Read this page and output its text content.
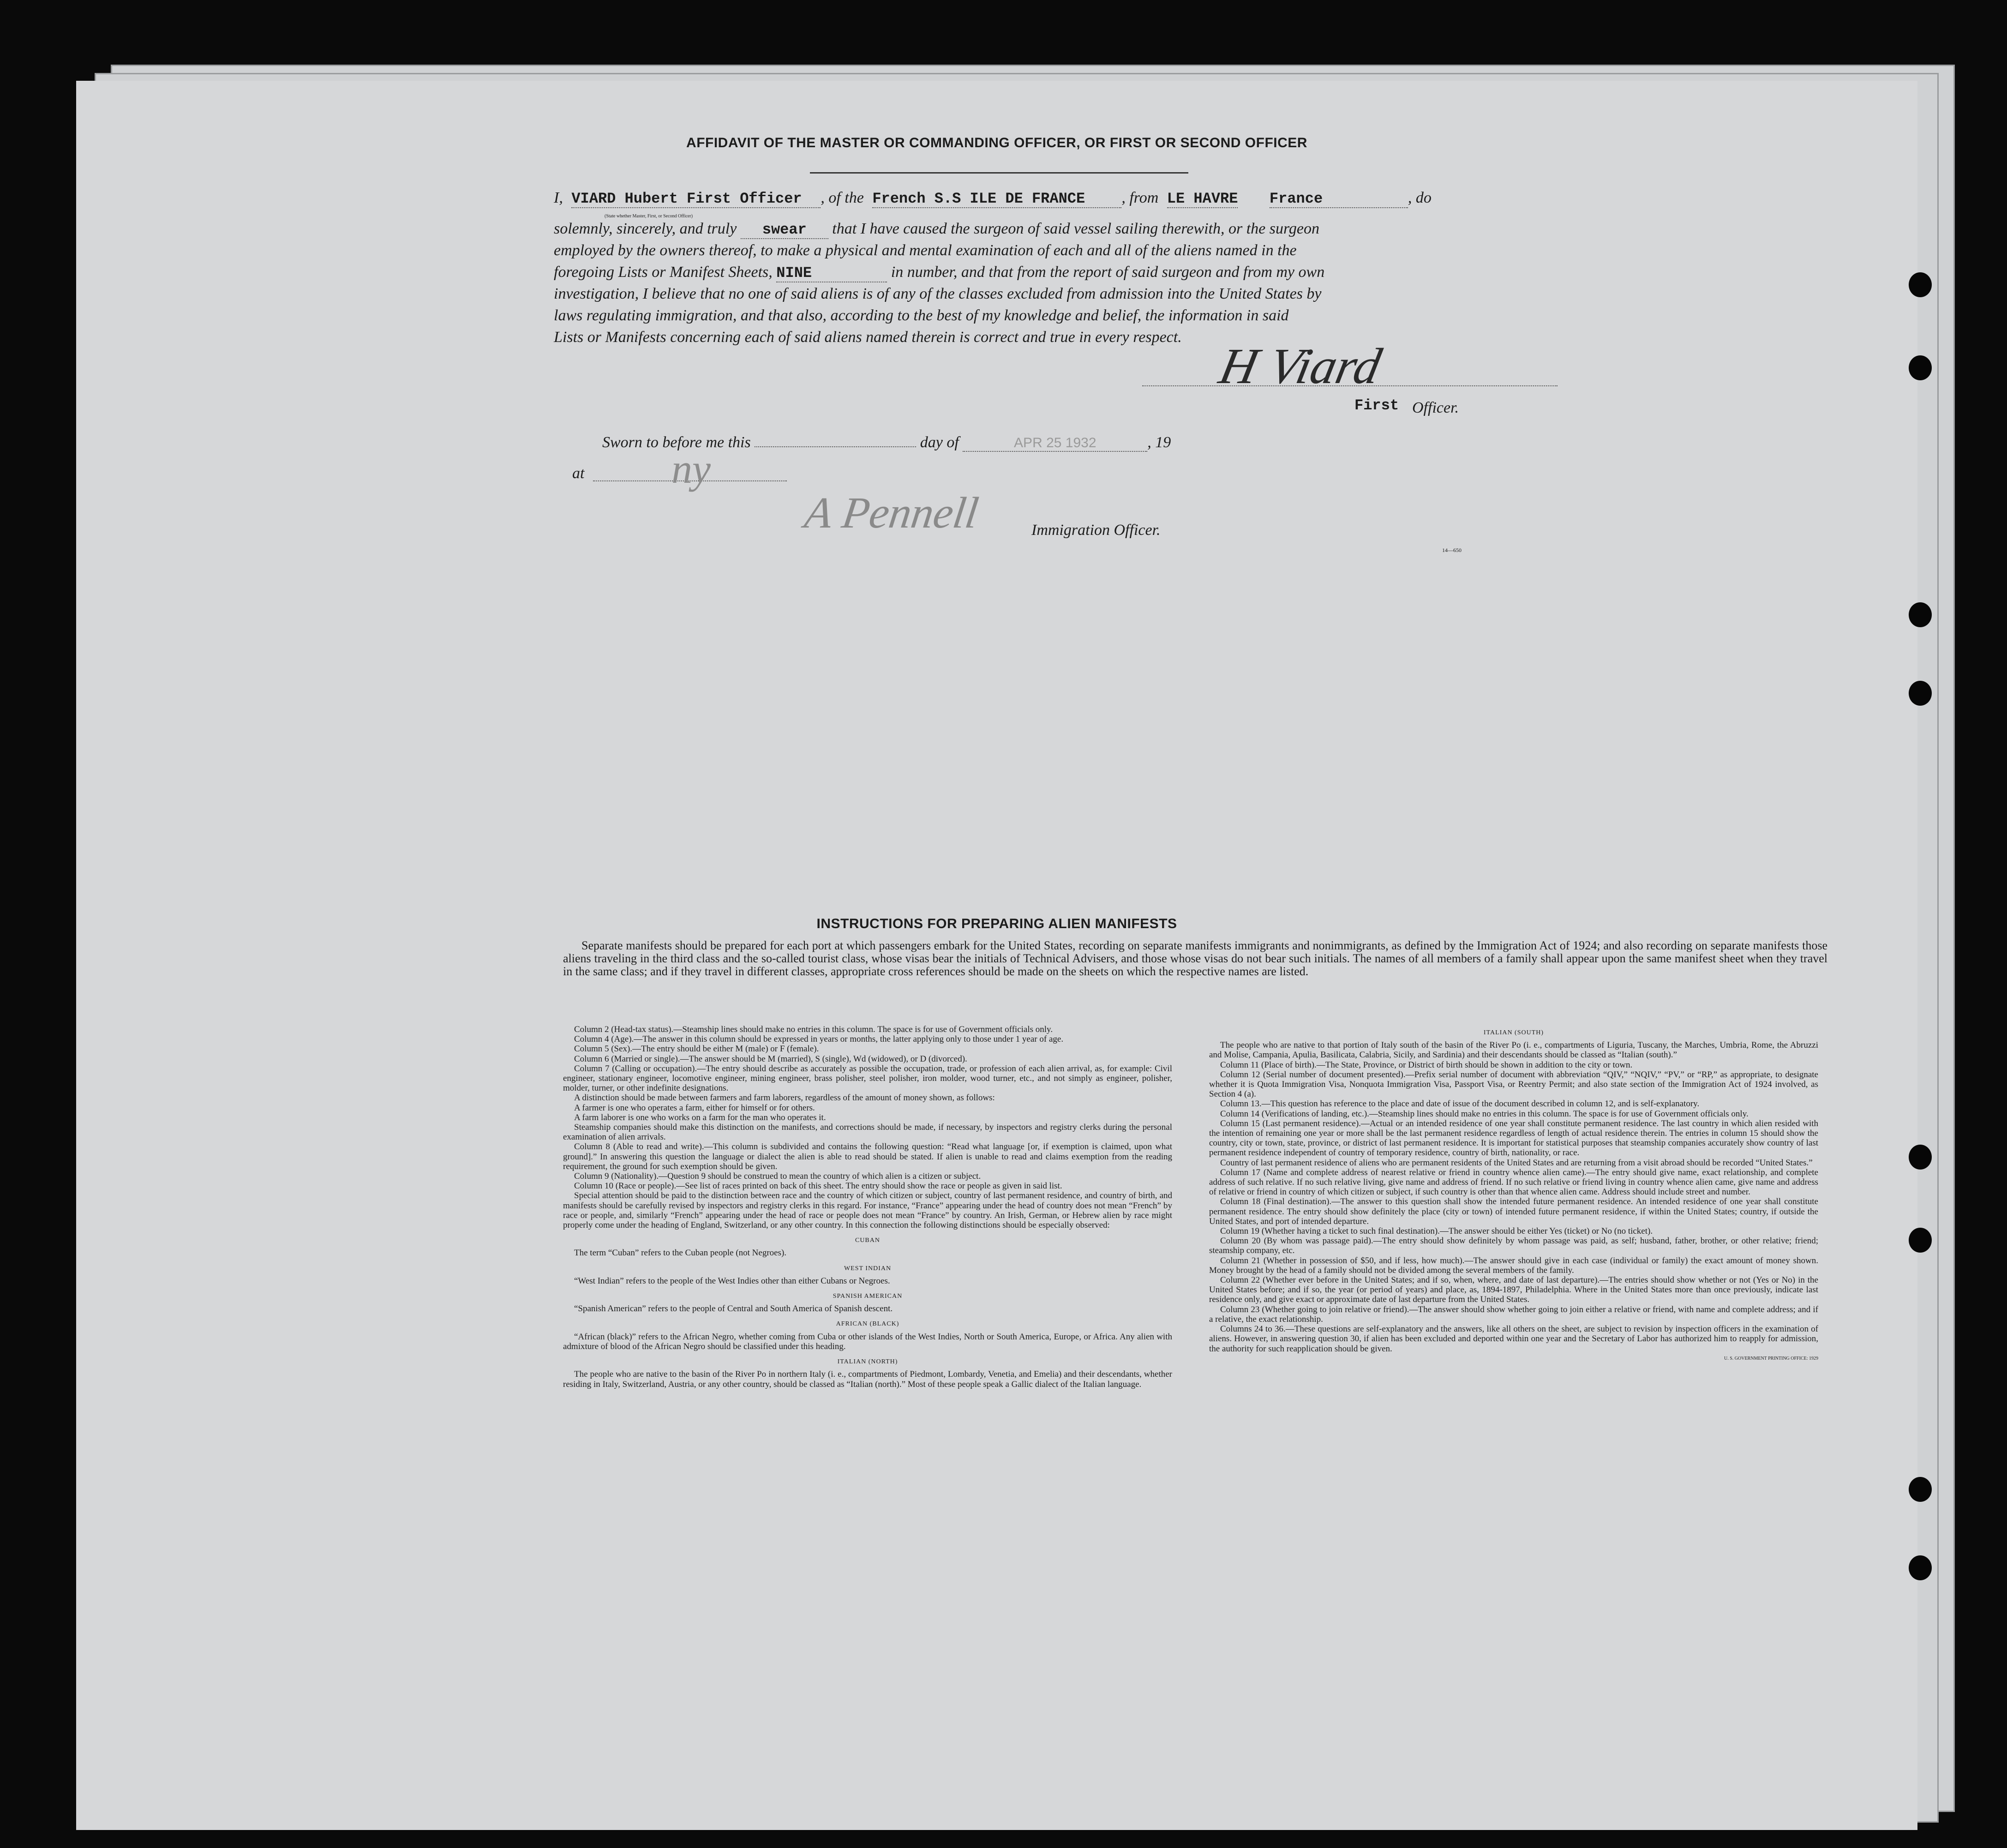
AFFIDAVIT OF THE MASTER OR COMMANDING OFFICER, OR FIRST OR SECOND OFFICER
I, VIARD Hubert First Officer , of the French S.S ILE DE FRANCE , from LE HAVRE France	, do
(State whether Master, First, or Second Officer)
solemnly, sincerely, and truly swear that I have caused the surgeon of said vessel sailing therewith, or the surgeon
employed by the owners thereof, to make a physical and mental examination of each and all of the aliens named in the
foregoing Lists or Manifest Sheets, NINE	in number, and that from the report of said surgeon and from my own
investigation, I believe that no one of said aliens is of any of the classes excluded from admission into the United States by
laws regulating immigration, and that also, according to the best of my knowledge and belief, the information in said
Lists or Manifests concerning each of said aliens named therein is correct and true in every respect.
H Viard
First Officer.
Sworn to before me this	day of	APR 25 1932	, 19
at ny
A Pennell	Immigration Officer.
14—650
INSTRUCTIONS FOR PREPARING ALIEN MANIFESTS

Separate manifests should be prepared for each port at which passengers embark for the United States, recording on separate manifests immigrants and nonimmigrants, as defined by the Immigration Act of 1924; and also recording on separate manifests those aliens traveling in the third class and the so-called tourist class, whose visas bear the initials of Technical Advisers, and those whose visas do not bear such initials. The names of all members of a family shall appear upon the same manifest sheet when they travel in the same class; and if they travel in different classes, appropriate cross references should be made on the sheets on which the respective names are listed.

Column 2 (Head-tax status).—Steamship lines should make no entries in this column. The space is for use of Government officials only.

Column 4 (Age).—The answer in this column should be expressed in years or months, the latter applying only to those under 1 year of age.

Column 5 (Sex).—The entry should be either M (male) or F (female).

Column 6 (Married or single).—The answer should be M (married), S (single), Wd (widowed), or D (divorced).

Column 7 (Calling or occupation).—The entry should describe as accurately as possible the occupation, trade, or profession of each alien arrival, as, for example: Civil engineer, stationary engineer, locomotive engineer, mining engineer, brass polisher, steel polisher, iron molder, wood turner, etc., and not simply as engineer, polisher, molder, turner, or other indefinite designations.

A distinction should be made between farmers and farm laborers, regardless of the amount of money shown, as follows:

A farmer is one who operates a farm, either for himself or for others.

A farm laborer is one who works on a farm for the man who operates it.

Steamship companies should make this distinction on the manifests, and corrections should be made, if necessary, by inspectors and registry clerks during the personal examination of alien arrivals.

Column 8 (Able to read and write).—This column is subdivided and contains the following question: “Read what language [or, if exemption is claimed, upon what ground].” In answering this question the language or dialect the alien is able to read should be stated. If alien is unable to read and claims exemption from the reading requirement, the ground for such exemption should be given.

Column 9 (Nationality).—Question 9 should be construed to mean the country of which alien is a citizen or subject.

Column 10 (Race or people).—See list of races printed on back of this sheet. The entry should show the race or people as given in said list.

Special attention should be paid to the distinction between race and the country of which citizen or subject, country of last permanent residence, and country of birth, and manifests should be carefully revised by inspectors and registry clerks in this regard. For instance, “France” appearing under the head of country does not mean “French” by race or people, and, similarly “French” appearing under the head of race or people does not mean “France” by country. An Irish, German, or Hebrew alien by race might properly come under the heading of England, Switzerland, or any other country. In this connection the following distinctions should be especially observed:

CUBAN

The term “Cuban” refers to the Cuban people (not Negroes).

WEST INDIAN

“West Indian” refers to the people of the West Indies other than either Cubans or Negroes.

SPANISH AMERICAN

“Spanish American” refers to the people of Central and South America of Spanish descent.

AFRICAN (BLACK)

“African (black)” refers to the African Negro, whether coming from Cuba or other islands of the West Indies, North or South America, Europe, or Africa. Any alien with admixture of blood of the African Negro should be classified under this heading.

ITALIAN (NORTH)

The people who are native to the basin of the River Po in northern Italy (i. e., compartments of Piedmont, Lombardy, Venetia, and Emelia) and their descendants, whether residing in Italy, Switzerland, Austria, or any other country, should be classed as “Italian (north).” Most of these people speak a Gallic dialect of the Italian language.

ITALIAN (SOUTH)

The people who are native to that portion of Italy south of the basin of the River Po (i. e., compartments of Liguria, Tuscany, the Marches, Umbria, Rome, the Abruzzi and Molise, Campania, Apulia, Basilicata, Calabria, Sicily, and Sardinia) and their descendants should be classed as “Italian (south).”

Column 11 (Place of birth).—The State, Province, or District of birth should be shown in addition to the city or town.

Column 12 (Serial number of document presented).—Prefix serial number of document with abbreviation “QIV,” “NQIV,” “PV,” or “RP,” as appropriate, to designate whether it is Quota Immigration Visa, Nonquota Immigration Visa, Passport Visa, or Reentry Permit; and also state section of the Immigration Act of 1924 involved, as Section 4 (a).

Column 13.—This question has reference to the place and date of issue of the document described in column 12, and is self-explanatory.

Column 14 (Verifications of landing, etc.).—Steamship lines should make no entries in this column. The space is for use of Government officials only.

Column 15 (Last permanent residence).—Actual or an intended residence of one year shall constitute permanent residence. The last country in which alien resided with the intention of remaining one year or more shall be the last permanent residence regardless of length of actual residence therein. The entries in column 15 should show the country, city or town, state, province, or district of last permanent residence. It is important for statistical purposes that steamship companies accurately show country of last permanent residence independent of country of temporary residence, country of birth, nationality, or race.

Country of last permanent residence of aliens who are permanent residents of the United States and are returning from a visit abroad should be recorded “United States.”

Column 17 (Name and complete address of nearest relative or friend in country whence alien came).—The entry should give name, exact relationship, and complete address of such relative. If no such relative living, give name and address of friend. If no such relative or friend living in country whence alien came, give name and address of relative or friend in country of which citizen or subject, if such country is other than that whence alien came. Address should include street and number.

Column 18 (Final destination).—The answer to this question shall show the intended future permanent residence. An intended residence of one year shall constitute permanent residence. The entry should show definitely the place (city or town) of intended future permanent residence, if within the United States; country, if outside the United States, and port of intended departure.

Column 19 (Whether having a ticket to such final destination).—The answer should be either Yes (ticket) or No (no ticket).

Column 20 (By whom was passage paid).—The entry should show definitely by whom passage was paid, as self; husband, father, brother, or other relative; friend; steamship company, etc.

Column 21 (Whether in possession of $50, and if less, how much).—The answer should give in each case (individual or family) the exact amount of money shown. Money brought by the head of a family should not be divided among the several members of the family.

Column 22 (Whether ever before in the United States; and if so, when, where, and date of last departure).—The entries should show whether or not (Yes or No) in the United States before; and if so, the year (or period of years) and place, as, 1894-1897, Philadelphia. Where in the United States more than once previously, indicate last residence only, and give exact or approximate date of last departure from the United States.

Column 23 (Whether going to join relative or friend).—The answer should show whether going to join either a relative or friend, with name and complete address; and if a relative, the exact relationship.

Columns 24 to 36.—These questions are self-explanatory and the answers, like all others on the sheet, are subject to revision by inspection officers in the examination of aliens. However, in answering question 30, if alien has been excluded and deported within one year and the Secretary of Labor has authorized him to reapply for admission, the authority for such reapplication should be given.

U. S. GOVERNMENT PRINTING OFFICE: 1929
